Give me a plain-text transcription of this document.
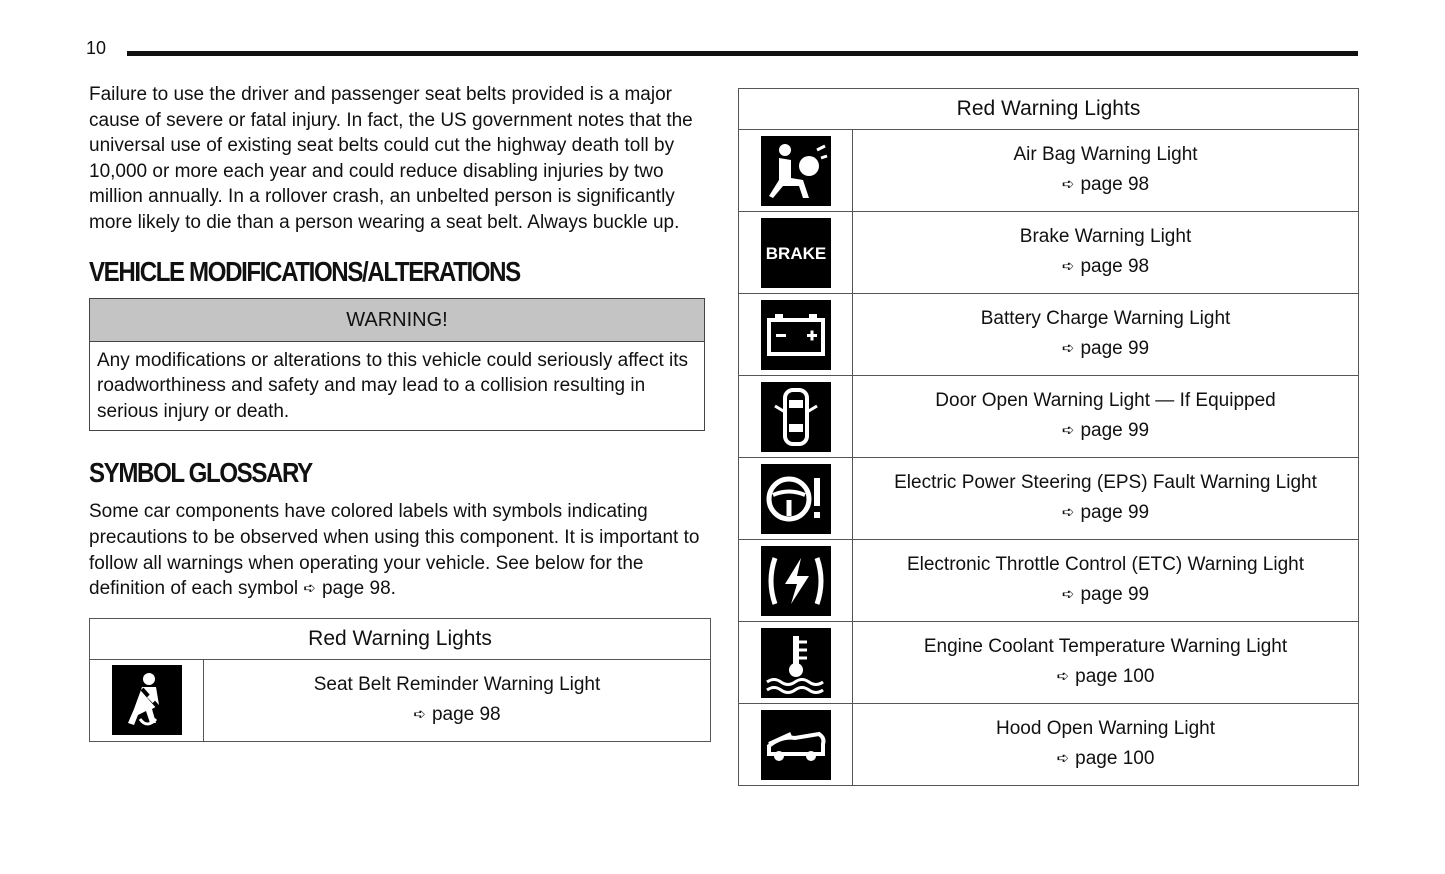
10

Failure to use the driver and passenger seat belts provided is a major cause of severe or fatal injury. In fact, the US government notes that the universal use of existing seat belts could cut the highway death toll by 10,000 or more each year and could reduce disabling injuries by two million annually. In a rollover crash, an unbelted person is significantly more likely to die than a person wearing a seat belt. Always buckle up.

VEHICLE MODIFICATIONS/ALTERATIONS
WARNING!
Any modifications or alterations to this vehicle could seriously affect its roadworthiness and safety and may lead to a collision resulting in serious injury or death.
SYMBOL GLOSSARY

Some car components have colored labels with symbols indicating precautions to be observed when using this component. It is important to follow all warnings when operating your vehicle. See below for the definition of each symbol ➪ page 98.

Red Warning Lights

Seat Belt Reminder Warning Light
➪ page 98
Red Warning Lights	

Air Bag Warning Light
➪ page 98

BRAKE	Brake Warning Light
➪ page 98

Battery Charge Warning Light
➪ page 99

Door Open Warning Light — If Equipped
➪ page 99

Electric Power Steering (EPS) Fault Warning Light
➪ page 99

Electronic Throttle Control (ETC) Warning Light
➪ page 99

Engine Coolant Temperature Warning Light
➪ page 100

Hood Open Warning Light
➪ page 100
